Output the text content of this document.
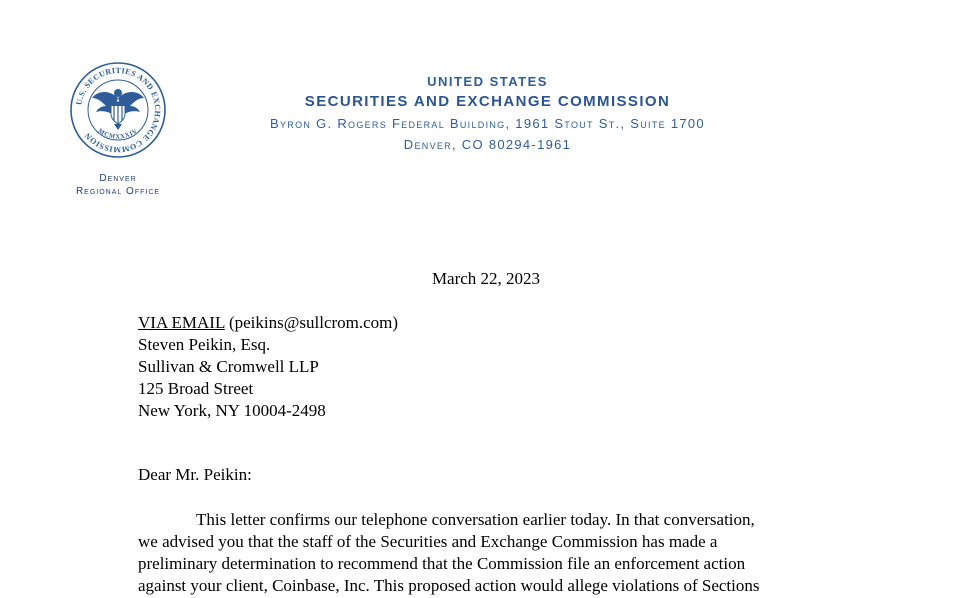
U.S. SECURITIES AND EXCHANGE COMMISSION MCMXXXIV
Denver
Regional Office
UNITED STATES
SECURITIES AND EXCHANGE COMMISSION
Byron G. Rogers Federal Building, 1961 Stout St., Suite 1700
Denver, CO 80294-1961
March 22, 2023
VIA EMAIL (peikins@sullcrom.com)
Steven Peikin, Esq.
Sullivan & Cromwell LLP
125 Broad Street
New York, NY 10004-2498
Dear Mr. Peikin:
This letter confirms our telephone conversation earlier today. In that conversation,
we advised you that the staff of the Securities and Exchange Commission has made a
preliminary determination to recommend that the Commission file an enforcement action
against your client, Coinbase, Inc. This proposed action would allege violations of Sections
